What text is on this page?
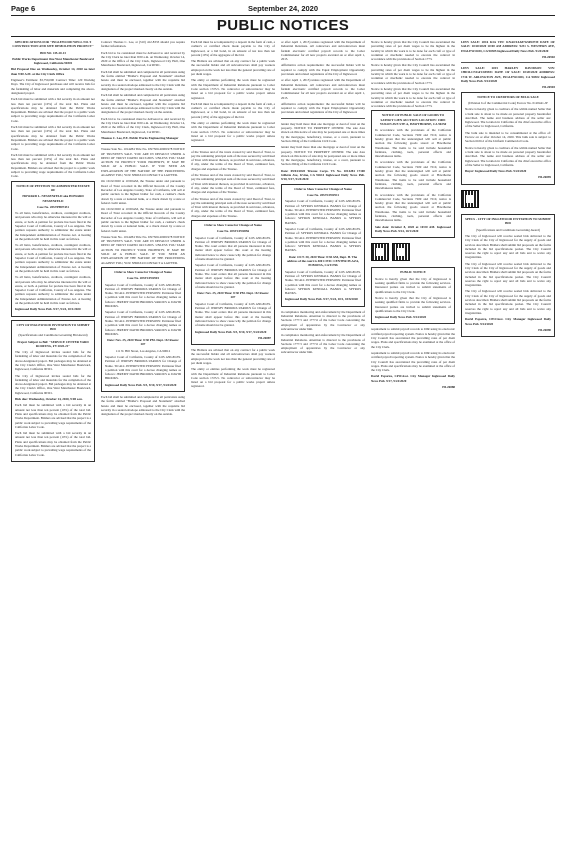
Page 6	September 24, 2020
PUBLIC NOTICES

SPECIFICATIONS FOR "INGLEWOOD WELL NO. 9 CONSTRUCTION AND SITE DEMOLITION PROJECT"

BID NO. CB-20-13

Public Works Department One West Manchester Boulevard Inglewood, California 90301

Bid Proposal Due on Wednesday, October 14, 2020 no later than 9:00 A.M. at the City Clerk Office

Engineer's Estimate: $3,750,000 Contract Time: 120 Working Days. The City of Inglewood purchases and will receive bids for the furnishing of labor and materials and completing the above-designated project.

Each bid must be submitted with a bid security in an amount not less than ten percent (10%) of the total bid. Plans and specifications may be obtained from the Public Works Department. Bidders are advised that the project is a public work subject to prevailing wage requirements of the California Labor Code.

Each bid must be submitted with a bid security in an amount not less than ten percent (10%) of the total bid. Plans and specifications may be obtained from the Public Works Department. Bidders are advised that the project is a public work subject to prevailing wage requirements of the California Labor Code.

Each bid must be submitted with a bid security in an amount not less than ten percent (10%) of the total bid. Plans and specifications may be obtained from the Public Works Department. Bidders are advised that the project is a public work subject to prevailing wage requirements of the California Labor Code.

NOTICE OF PETITION TO ADMINISTER ESTATE OF

HOWARD L. NESSENFELD aka HOWARD NESSENFELD

Case No. 20STPB07431

To all heirs, beneficiaries, creditors, contingent creditors, and persons who may be otherwise interested in the will or estate, or both. A petition for probate has been filed in the Superior Court of California, County of Los Angeles. The petition requests authority to administer the estate under the Independent Administration of Estates Act. A hearing on the petition will be held in this court as follows.

To all heirs, beneficiaries, creditors, contingent creditors, and persons who may be otherwise interested in the will or estate, or both. A petition for probate has been filed in the Superior Court of California, County of Los Angeles. The petition requests authority to administer the estate under the Independent Administration of Estates Act. A hearing on the petition will be held in this court as follows.

To all heirs, beneficiaries, creditors, contingent creditors, and persons who may be otherwise interested in the will or estate, or both. A petition for probate has been filed in the Superior Court of California, County of Los Angeles. The petition requests authority to administer the estate under the Independent Administration of Estates Act. A hearing on the petition will be held in this court as follows.

Inglewood Daily News Pub. 9/17, 9/24, 10/1/2020

CITY OF INGLEWOOD INVITATION TO SUBMIT BID

(Specifications and Conditions Governing Bid Award)

Project Subject to Bid: "SERVICE CENTER YARD ROOFING, FY 2020-21"

The City of Inglewood invites sealed bids for the furnishing of labor and materials for the completion of the above-designated project. Bid packages may be obtained at the City Clerk's Office, One West Manchester Boulevard, Inglewood, California 90301.

The City of Inglewood invites sealed bids for the furnishing of labor and materials for the completion of the above-designated project. Bid packages may be obtained at the City Clerk's Office, One West Manchester Boulevard, Inglewood, California 90301.

Bids due: Wednesday, October 14, 2020, 9:00 a.m.

Each bid must be submitted with a bid security in an amount not less than ten percent (10%) of the total bid. Plans and specifications may be obtained from the Public Works Department. Bidders are advised that the project is a public work subject to prevailing wage requirements of the California Labor Code.

Each bid must be submitted with a bid security in an amount not less than ten percent (10%) of the total bid. Plans and specifications may be obtained from the Public Works Department. Bidders are advised that the project is a public work subject to prevailing wage requirements of the California Labor Code.

Contract Thomas C. Lee, at (310) 412-8333 should you require further information.

Each bid to be considered must be delivered to and received by the City Clerk no later than 9:00 a.m. on Wednesday, October 14, 2020 at the Office of the City Clerk, Inglewood City Hall, One Manchester Boulevard, Inglewood, CA 90301.

Each bid shall be submitted and completed in all particulars using the forms entitled "Bidder's Proposal and Statement" attached hereto and must be enclosed, together with the requisite bid security in a sealed envelope addressed to the City Clerk with the designation of the project marked clearly on the outside.

Each bid shall be submitted and completed in all particulars using the forms entitled "Bidder's Proposal and Statement" attached hereto and must be enclosed, together with the requisite bid security in a sealed envelope addressed to the City Clerk with the designation of the project marked clearly on the outside.

Each bid to be considered must be delivered to and received by the City Clerk no later than 9:00 a.m. on Wednesday, October 14, 2020 at the Office of the City Clerk, Inglewood City Hall, One Manchester Boulevard, Inglewood, CA 90301.

Thomas C. Lee, P.E. Public Works Engineering Manager

Trustee Sale No. 1014284 Title No. DS7300-20001978 NOTICE OF TRUSTEE'S SALE. YOU ARE IN DEFAULT UNDER A DEED OF TRUST DATED 04/15/2005. UNLESS YOU TAKE ACTION TO PROTECT YOUR PROPERTY, IT MAY BE SOLD AT A PUBLIC SALE. IF YOU NEED AN EXPLANATION OF THE NATURE OF THE PROCEEDING AGAINST YOU, YOU SHOULD CONTACT A LAWYER.

On 10/22/2020 at 10:00AM, the Trustee under and pursuant to Deed of Trust recorded in the Official Records of the County Recorder of Los Angeles County, State of California, will sell at public auction to the highest bidder for cash, a cashier's check drawn by a state or national bank, or a check drawn by a state or federal credit union.

On 10/22/2020 at 10:00AM, the Trustee under and pursuant to Deed of Trust recorded in the Official Records of the County Recorder of Los Angeles County, State of California, will sell at public auction to the highest bidder for cash, a cashier's check drawn by a state or national bank, or a check drawn by a state or federal credit union.

Trustee Sale No. 1014284 Title No. DS7300-20001978 NOTICE OF TRUSTEE'S SALE. YOU ARE IN DEFAULT UNDER A DEED OF TRUST DATED 04/15/2005. UNLESS YOU TAKE ACTION TO PROTECT YOUR PROPERTY, IT MAY BE SOLD AT A PUBLIC SALE. IF YOU NEED AN EXPLANATION OF THE NATURE OF THE PROCEEDING AGAINST YOU, YOU SHOULD CONTACT A LAWYER.

Order to Show Cause for Change of Name

Case No. 20STCP02901

Superior Court of California, County of LOS ANGELES. Petition of: JEREMY BROOKS-VAROUS for Change of Name. TO ALL INTERESTED PERSONS: Petitioner filed a petition with this court for a decree changing names as follows: JEREMY DAVID BROOKS-VAROUS to DAVID BROOKS.

Superior Court of California, County of LOS ANGELES. Petition of: JEREMY BROOKS-VAROUS for Change of Name. TO ALL INTERESTED PERSONS: Petitioner filed a petition with this court for a decree changing names as follows: JEREMY DAVID BROOKS-VAROUS to DAVID BROOKS.

Date: Nov. 25, 2020 Time: 8:30 PM. Dept.: 82 Room: 207

111 N. Hill Street, Los Angeles, CA 90012

Superior Court of California, County of LOS ANGELES. Petition of: JEREMY BROOKS-VAROUS for Change of Name. TO ALL INTERESTED PERSONS: Petitioner filed a petition with this court for a decree changing names as follows: JEREMY DAVID BROOKS-VAROUS to DAVID BROOKS.

Inglewood Daily News Pub. 9/3, 9/10, 9/17, 9/24/2020

Each bid shall be submitted and completed in all particulars using the forms entitled "Bidder's Proposal and Statement" attached hereto and must be enclosed, together with the requisite bid security in a sealed envelope addressed to the City Clerk with the designation of the project marked clearly on the outside.

Each bid must be accompanied by a deposit in the form of cash, a cashier's or certified check made payable to the City of Inglewood, or a bid bond, in an amount of not less than ten percent (10%) of the aggregate of the bid.

The Bidders are advised that on any contract for a public work the successful bidder and all subcontractors shall pay workers employed on the work not less than the general prevailing rate of per diem wages.

The entity or entities performing the work must be registered with the Department of Industrial Relations pursuant to Labor Code section 1725.5. No contractor or subcontractor may be listed on a bid proposal for a public works project unless registered.

Each bid must be accompanied by a deposit in the form of cash, a cashier's or certified check made payable to the City of Inglewood, or a bid bond, in an amount of not less than ten percent (10%) of the aggregate of the bid.

The entity or entities performing the work must be registered with the Department of Industrial Relations pursuant to Labor Code section 1725.5. No contractor or subcontractor may be listed on a bid proposal for a public works project unless registered.

of the Trustee and of the trusts created by said Deed of Trust, to pay the remaining principal sum of the note secured by said Deed of Trust with interest thereon, as provided in said note, advances, if any, under the terms of the Deed of Trust, estimated fees, charges and expenses of the Trustee.

of the Trustee and of the trusts created by said Deed of Trust, to pay the remaining principal sum of the note secured by said Deed of Trust with interest thereon, as provided in said note, advances, if any, under the terms of the Deed of Trust, estimated fees, charges and expenses of the Trustee.

of the Trustee and of the trusts created by said Deed of Trust, to pay the remaining principal sum of the note secured by said Deed of Trust with interest thereon, as provided in said note, advances, if any, under the terms of the Deed of Trust, estimated fees, charges and expenses of the Trustee.

Order to Show Cause for Change of Name

Case No. 20STCP02856

Superior Court of California, County of LOS ANGELES. Petition of: JEREMY BROOKS-VAROUS for Change of Name. The court orders that all persons interested in this matter shall appear before this court at the hearing indicated below to show cause why the petition for change of name should not be granted.

Superior Court of California, County of LOS ANGELES. Petition of: JEREMY BROOKS-VAROUS for Change of Name. The court orders that all persons interested in this matter shall appear before this court at the hearing indicated below to show cause why the petition for change of name should not be granted.

Date: Nov. 25, 2020 Time: 8:30 PM. Dept.: 82 Room: 207

Superior Court of California, County of LOS ANGELES. Petition of: JEREMY BROOKS-VAROUS for Change of Name. The court orders that all persons interested in this matter shall appear before this court at the hearing indicated below to show cause why the petition for change of name should not be granted.

Inglewood Daily News Pub. 9/3, 9/10, 9/17, 9/24/2020

HI-26887

The Bidders are advised that on any contract for a public work the successful bidder and all subcontractors shall pay workers employed on the work not less than the general prevailing rate of per diem wages.

The entity or entities performing the work must be registered with the Department of Industrial Relations pursuant to Labor Code section 1725.5. No contractor or subcontractor may be listed on a bid proposal for a public works project unless registered.

or after April 1, 2015) unless registered with the Department of Industrial Relations. All contractors and subcontractors must furnish electronic certified payroll records to the Labor Commissioner for all new projects awarded on or after April 1, 2015.

Affirmative action requirements: the successful bidder will be required to comply with the Equal Employment Opportunity provisions and related regulations of the City of Inglewood.

or after April 1, 2015) unless registered with the Department of Industrial Relations. All contractors and subcontractors must furnish electronic certified payroll records to the Labor Commissioner for all new projects awarded on or after April 1, 2015.

Affirmative action requirements: the successful bidder will be required to comply with the Equal Employment Opportunity provisions and related regulations of the City of Inglewood.

lender may hold more than one mortgage or deed of trust on the property. NOTICE TO PROPERTY OWNER: The sale date shown on this notice of sale may be postponed one or more times by the mortgagee, beneficiary, trustee, or a court, pursuant to Section 2924g of the California Civil Code.

lender may hold more than one mortgage or deed of trust on the property. NOTICE TO PROPERTY OWNER: The sale date shown on this notice of sale may be postponed one or more times by the mortgagee, beneficiary, trustee, or a court, pursuant to Section 2924g of the California Civil Code.

Date: 09/04/2020 Trustee Corps. TS No. 1014284 17100 Gillette Ave, Irvine, CA 92614 Inglewood Daily News Pub. 9/10, 9/17, 9/24/2020

Order to Show Cause for Change of Name

Case No. 20STCP02911

Superior Court of California, County of LOS ANGELES. Petition of: SPYROS KENDALL BANKS for Change of Name. TO ALL INTERESTED PERSONS: Petitioner filed a petition with this court for a decree changing names as follows: SPYROS KENDALL BANKS to SPYROS BANKS.

Superior Court of California, County of LOS ANGELES. Petition of: SPYROS KENDALL BANKS for Change of Name. TO ALL INTERESTED PERSONS: Petitioner filed a petition with this court for a decree changing names as follows: SPYROS KENDALL BANKS to SPYROS BANKS.

Date: OCT. 30, 2020 Time: 8:30 AM, Dept. H. The address of the court is 400 CIVIC CENTER PLAZA, POMONA, CA 91766

Superior Court of California, County of LOS ANGELES. Petition of: SPYROS KENDALL BANKS for Change of Name. TO ALL INTERESTED PERSONS: Petitioner filed a petition with this court for a decree changing names as follows: SPYROS KENDALL BANKS to SPYROS BANKS.

Inglewood Daily News Pub. 9/17, 9/24, 10/1, 10/8/2020

in compliance monitoring and enforcement by the Department of Industrial Relations. Attention is directed to the provisions of Sections 1777.5 and 1777.6 of the Labor Code concerning the employment of apprentices by the Contractor or any subcontractor under him.

in compliance monitoring and enforcement by the Department of Industrial Relations. Attention is directed to the provisions of Sections 1777.5 and 1777.6 of the Labor Code concerning the employment of apprentices by the Contractor or any subcontractor under him.

Notice is hereby given that the City Council has ascertained the prevailing rates of per diem wages to be the highest in the locality in which the work is to be done for each craft or type of workman or mechanic needed to execute the contract in accordance with the provisions of Section 1773.

Notice is hereby given that the City Council has ascertained the prevailing rates of per diem wages to be the highest in the locality in which the work is to be done for each craft or type of workman or mechanic needed to execute the contract in accordance with the provisions of Section 1773.

Notice is hereby given that the City Council has ascertained the prevailing rates of per diem wages to be the highest in the locality in which the work is to be done for each craft or type of workman or mechanic needed to execute the contract in accordance with the provisions of Section 1773.

NOTICE OF PUBLIC SALE OF GOODS TO SATISFY LIEN AUCTION LOCATION: 13001 YUKON AVE STE A, HAWTHORNE, CA 90250

In accordance with the provisions of the California Commercial Code, Sections 7209 and 7210, notice is hereby given that the undersigned will sell at public auction the following goods stored at Hawthorne Warehouse. The items to be sold include household furniture, clothing, tools, personal effects and miscellaneous items.

In accordance with the provisions of the California Commercial Code, Sections 7209 and 7210, notice is hereby given that the undersigned will sell at public auction the following goods stored at Hawthorne Warehouse. The items to be sold include household furniture, clothing, tools, personal effects and miscellaneous items.

In accordance with the provisions of the California Commercial Code, Sections 7209 and 7210, notice is hereby given that the undersigned will sell at public auction the following goods stored at Hawthorne Warehouse. The items to be sold include household furniture, clothing, tools, personal effects and miscellaneous items.

Sale date: October 8, 2020 at 10:00 AM. Inglewood Daily News Pub. 9/24, 10/1/2020

PUBLIC NOTICE

Notice is hereby given that the City of Inglewood is seeking qualified firms to provide the following services. Interested parties are invited to submit statements of qualifications to the City Clerk.

Notice is hereby given that the City of Inglewood is seeking qualified firms to provide the following services. Interested parties are invited to submit statements of qualifications to the City Clerk.

Inglewood Daily News Pub. 9/24/2020

requirement to submit payroll records to DIR using its electronic certified payroll reporting system. Notice is hereby given that the City Council has ascertained the prevailing rates of per diem wages. Plans and specifications may be examined at the office of the City Clerk.

requirement to submit payroll records to DIR using its electronic certified payroll reporting system. Notice is hereby given that the City Council has ascertained the prevailing rates of per diem wages. Plans and specifications may be examined at the office of the City Clerk.

David Esparza, CPO/Asst. City Manager Inglewood Daily News Pub. 9/17, 9/24/2020

HI-26888

LIEN SALE: 2016 KIA VIN: KNAFX4A87G5694739 DATE OF SALE: 10/20/2020 10:00 AM ADDRESS: 9231 S. WESTERN AVE, INGLEWOOD, CA 90305 Inglewood Daily News Pub. 9/24/2020

HI-26902

LIEN SALE: 2015 HARLEY DAVIDSON VIN: 1HD1LCN1xFC695931 DATE OF SALE: 10/20/2020 ADDRESS: 1716 W. ARLINGTON AVE, INGLEWOOD, CA 90302 Inglewood Daily News Pub. 9/24/2020

HI-26903

NOTICE TO CREDITORS OF BULK SALE

(Division 6 of the Commercial Code) Escrow No. 0120441-JP

Notice is hereby given to creditors of the within named Seller that a bulk sale is about to be made on personal property hereinafter described. The name and business address of the seller are: Inglewood. The location in California of the chief executive office of the Seller is: Inglewood, California.

The bulk sale is intended to be consummated at the office of: Escrow on or after October 14, 2020. This bulk sale is subject to Section 6106.2 of the Uniform Commercial Code.

Notice is hereby given to creditors of the within named Seller that a bulk sale is about to be made on personal property hereinafter described. The name and business address of the seller are: Inglewood. The location in California of the chief executive office of the Seller is: Inglewood, California.

Buyer: Inglewood Daily News Pub. 9/24/2020

HI-26895

SPECS - CITY OF INGLEWOOD INVITATION TO SUBMIT BID

(Specifications and Conditions Governing Award)

The City of Inglewood will receive sealed bids delivered to the City Clerk of the City of Inglewood for the supply of goods and services described. Bidders shall submit bid proposals on the forms included in the bid specifications packet. The City Council reserves the right to reject any and all bids and to waive any irregularities.

The City of Inglewood will receive sealed bids delivered to the City Clerk of the City of Inglewood for the supply of goods and services described. Bidders shall submit bid proposals on the forms included in the bid specifications packet. The City Council reserves the right to reject any and all bids and to waive any irregularities.

The City of Inglewood will receive sealed bids delivered to the City Clerk of the City of Inglewood for the supply of goods and services described. Bidders shall submit bid proposals on the forms included in the bid specifications packet. The City Council reserves the right to reject any and all bids and to waive any irregularities.

David Esparza, CPO/Asst. City Manager Inglewood Daily News Pub. 9/24/2020

HI-26890
